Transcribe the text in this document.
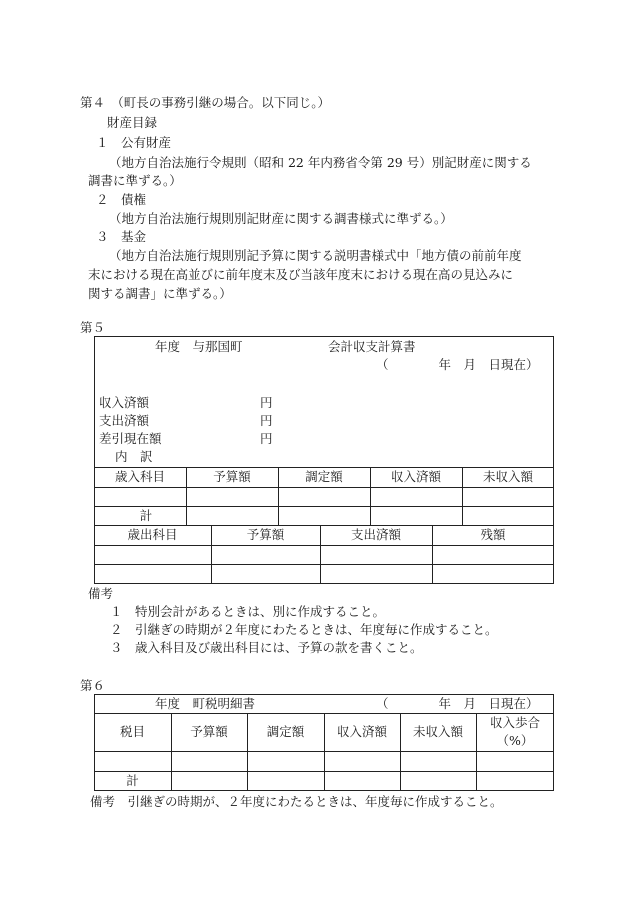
第４　（町長の事務引継の場合。以下同じ。）
財産目録
１　公有財産
（地方自治法施行令規則（昭和 22 年内務省令第 29 号）別記財産に関する
調書に準ずる。）
２　債権
（地方自治法施行規則別記財産に関する調書様式に準ずる。）
３　基金
（地方自治法施行規則別記予算に関する説明書様式中「地方債の前前年度
末における現在高並びに前年度末及び当該年度末における現在高の見込みに
関する調書」に準ずる。）
第５
年度　与那国町	会計収支計算書
（　　　　年　月　日現在）
収入済額	円
支出済額	円
差引現在額	円
内　訳
歳入科目	予算額	調定額	収入済額	未収入額
計
歳出科目	予算額	支出済額	残額
備考
１　特別会計があるときは、別に作成すること。
２　引継ぎの時期が２年度にわたるときは、年度毎に作成すること。
３　歳入科目及び歳出科目には、予算の款を書くこと。
第６
年度　町税明細書	（　　　　年　月　日現在）
税目	予算額	調定額	収入済額	未収入額
収入歩合
（%）
計
備考　引継ぎの時期が、２年度にわたるときは、年度毎に作成すること。
